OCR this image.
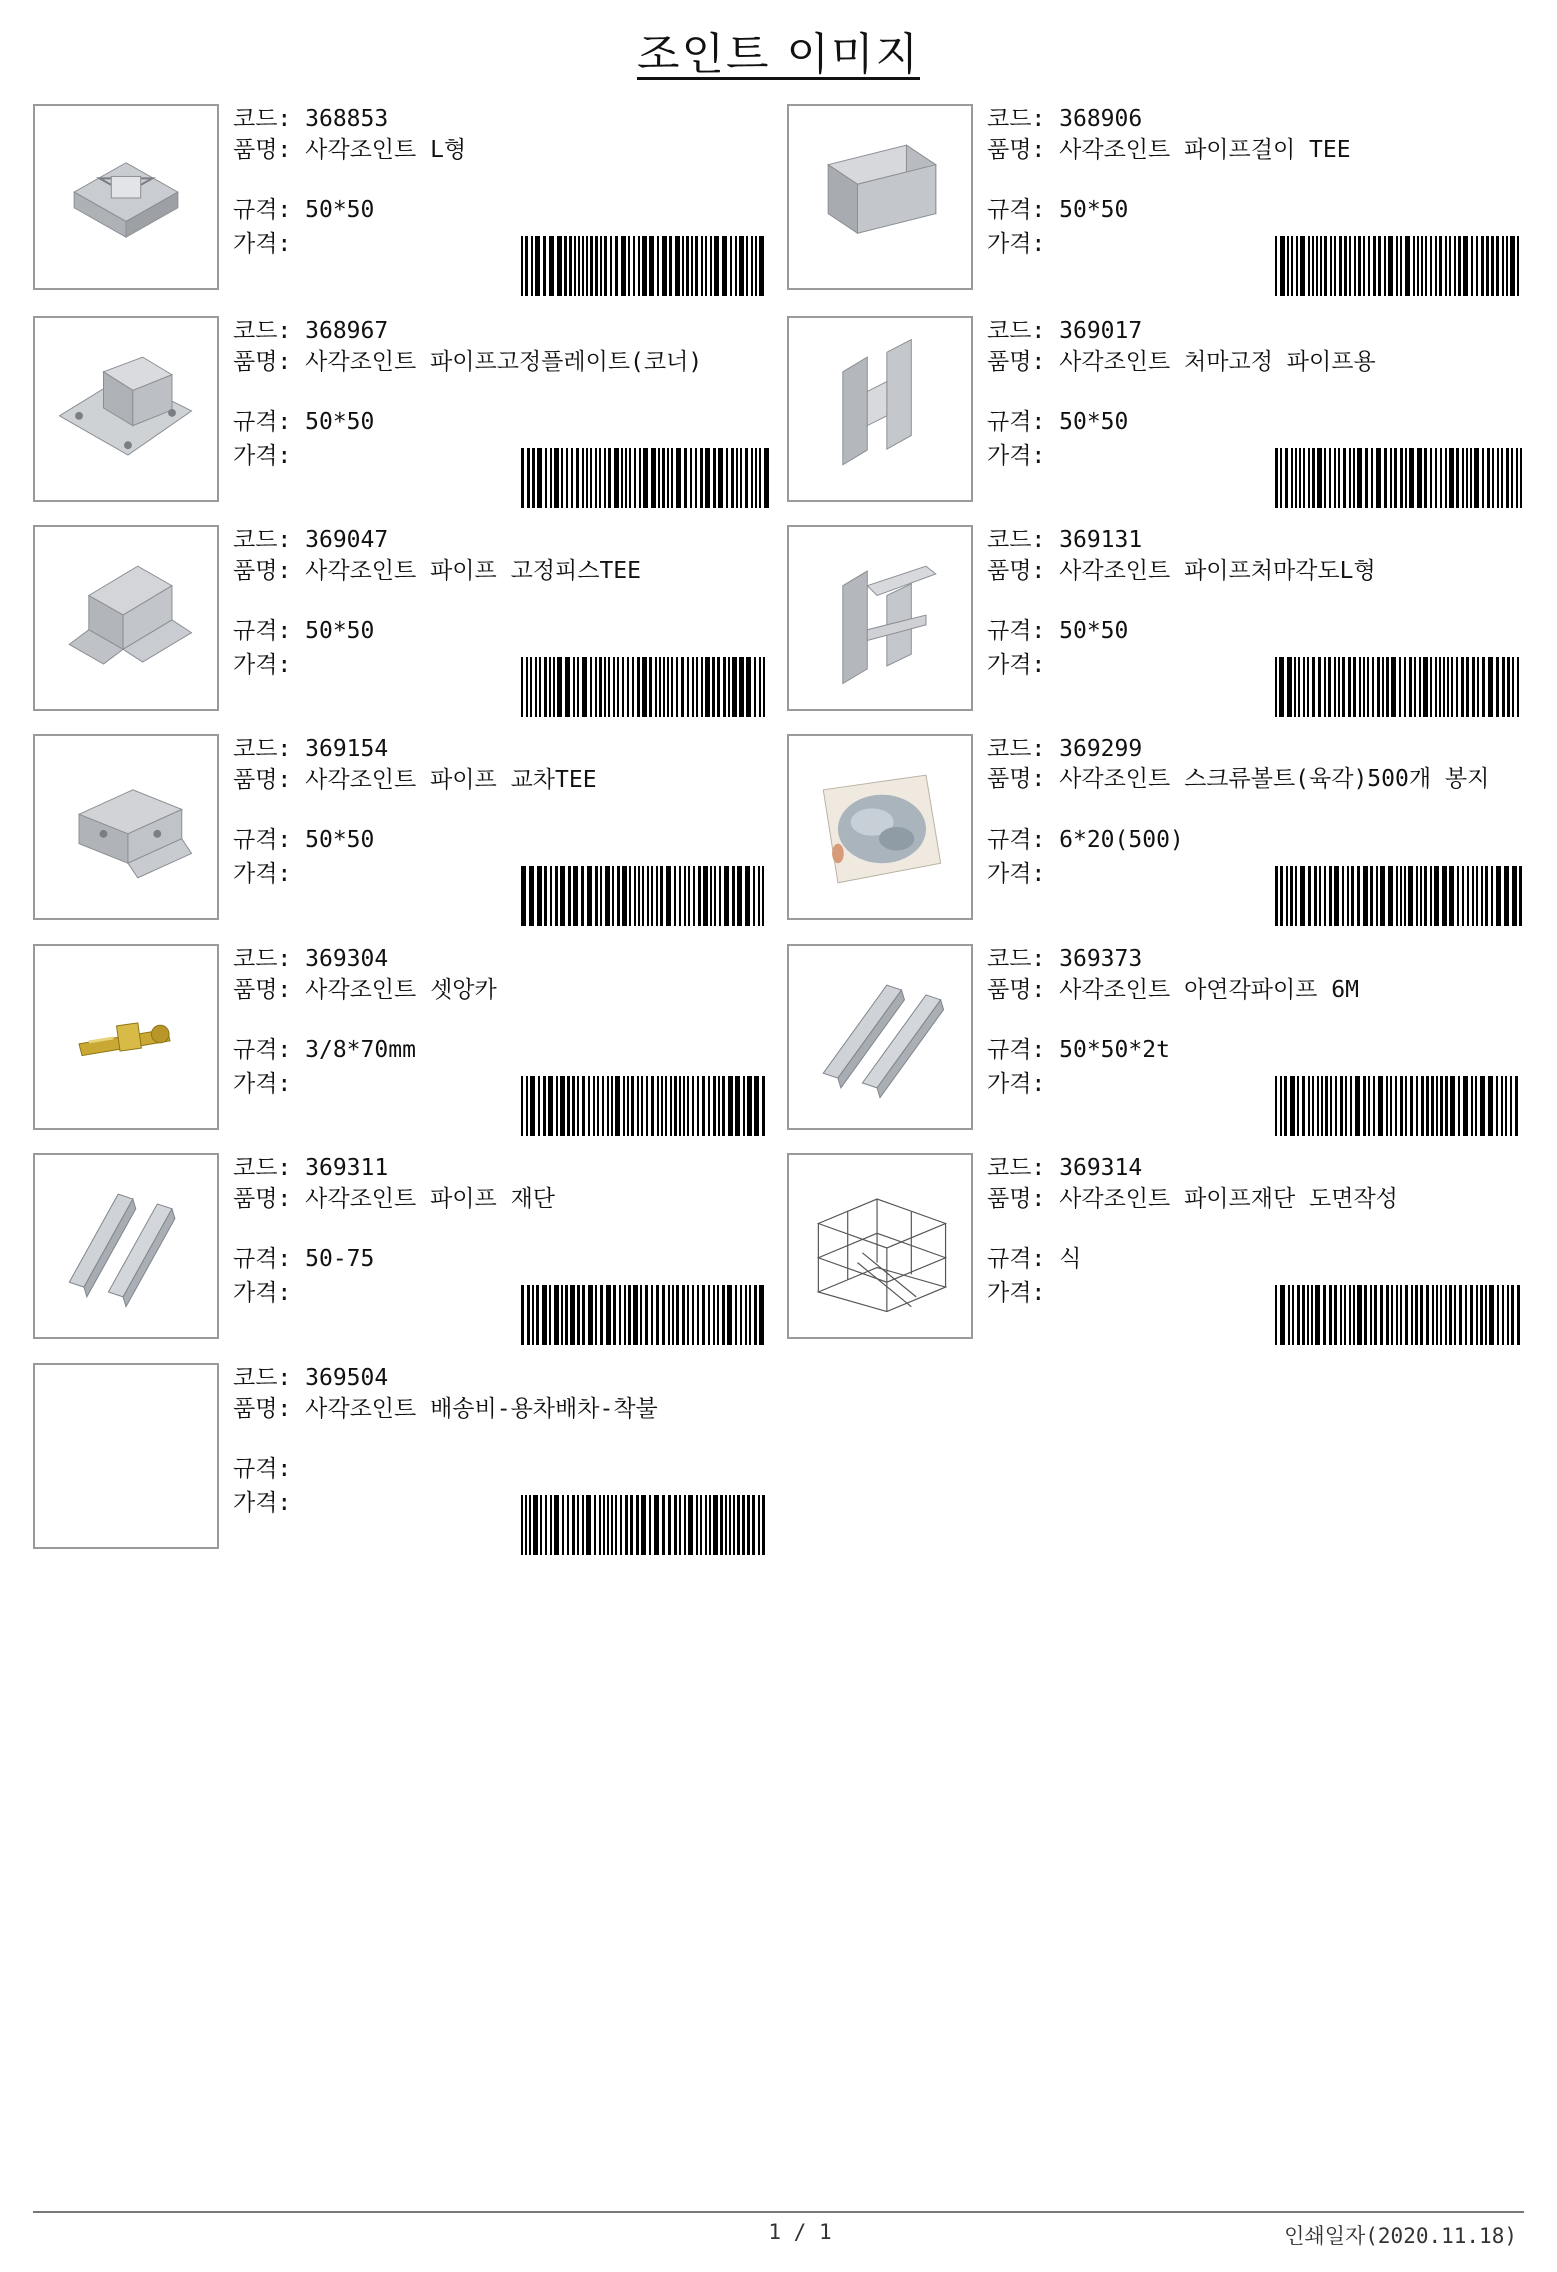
조인트 이미지
코드: 368853
품명: 사각조인트 L형
규격: 50*50
가격:
코드: 368906
품명: 사각조인트 파이프걸이 TEE
규격: 50*50
가격:
코드: 368967
품명: 사각조인트 파이프고정플레이트(코너)
규격: 50*50
가격:
코드: 369017
품명: 사각조인트 처마고정 파이프용
규격: 50*50
가격:
코드: 369047
품명: 사각조인트 파이프 고정피스TEE
규격: 50*50
가격:
코드: 369131
품명: 사각조인트 파이프처마각도L형
규격: 50*50
가격:
코드: 369154
품명: 사각조인트 파이프 교차TEE
규격: 50*50
가격:
코드: 369299
품명: 사각조인트 스크류볼트(육각)500개 봉지
규격: 6*20(500)
가격:
코드: 369304
품명: 사각조인트 셋앙카
규격: 3/8*70mm
가격:
코드: 369373
품명: 사각조인트 아연각파이프 6M
규격: 50*50*2t
가격:
코드: 369311
품명: 사각조인트 파이프 재단
규격: 50-75
가격:
코드: 369314
품명: 사각조인트 파이프재단 도면작성
규격: 식
가격:
코드: 369504
품명: 사각조인트 배송비-용차배차-착불
규격:
가격:
1 / 1	인쇄일자(2020.11.18)
